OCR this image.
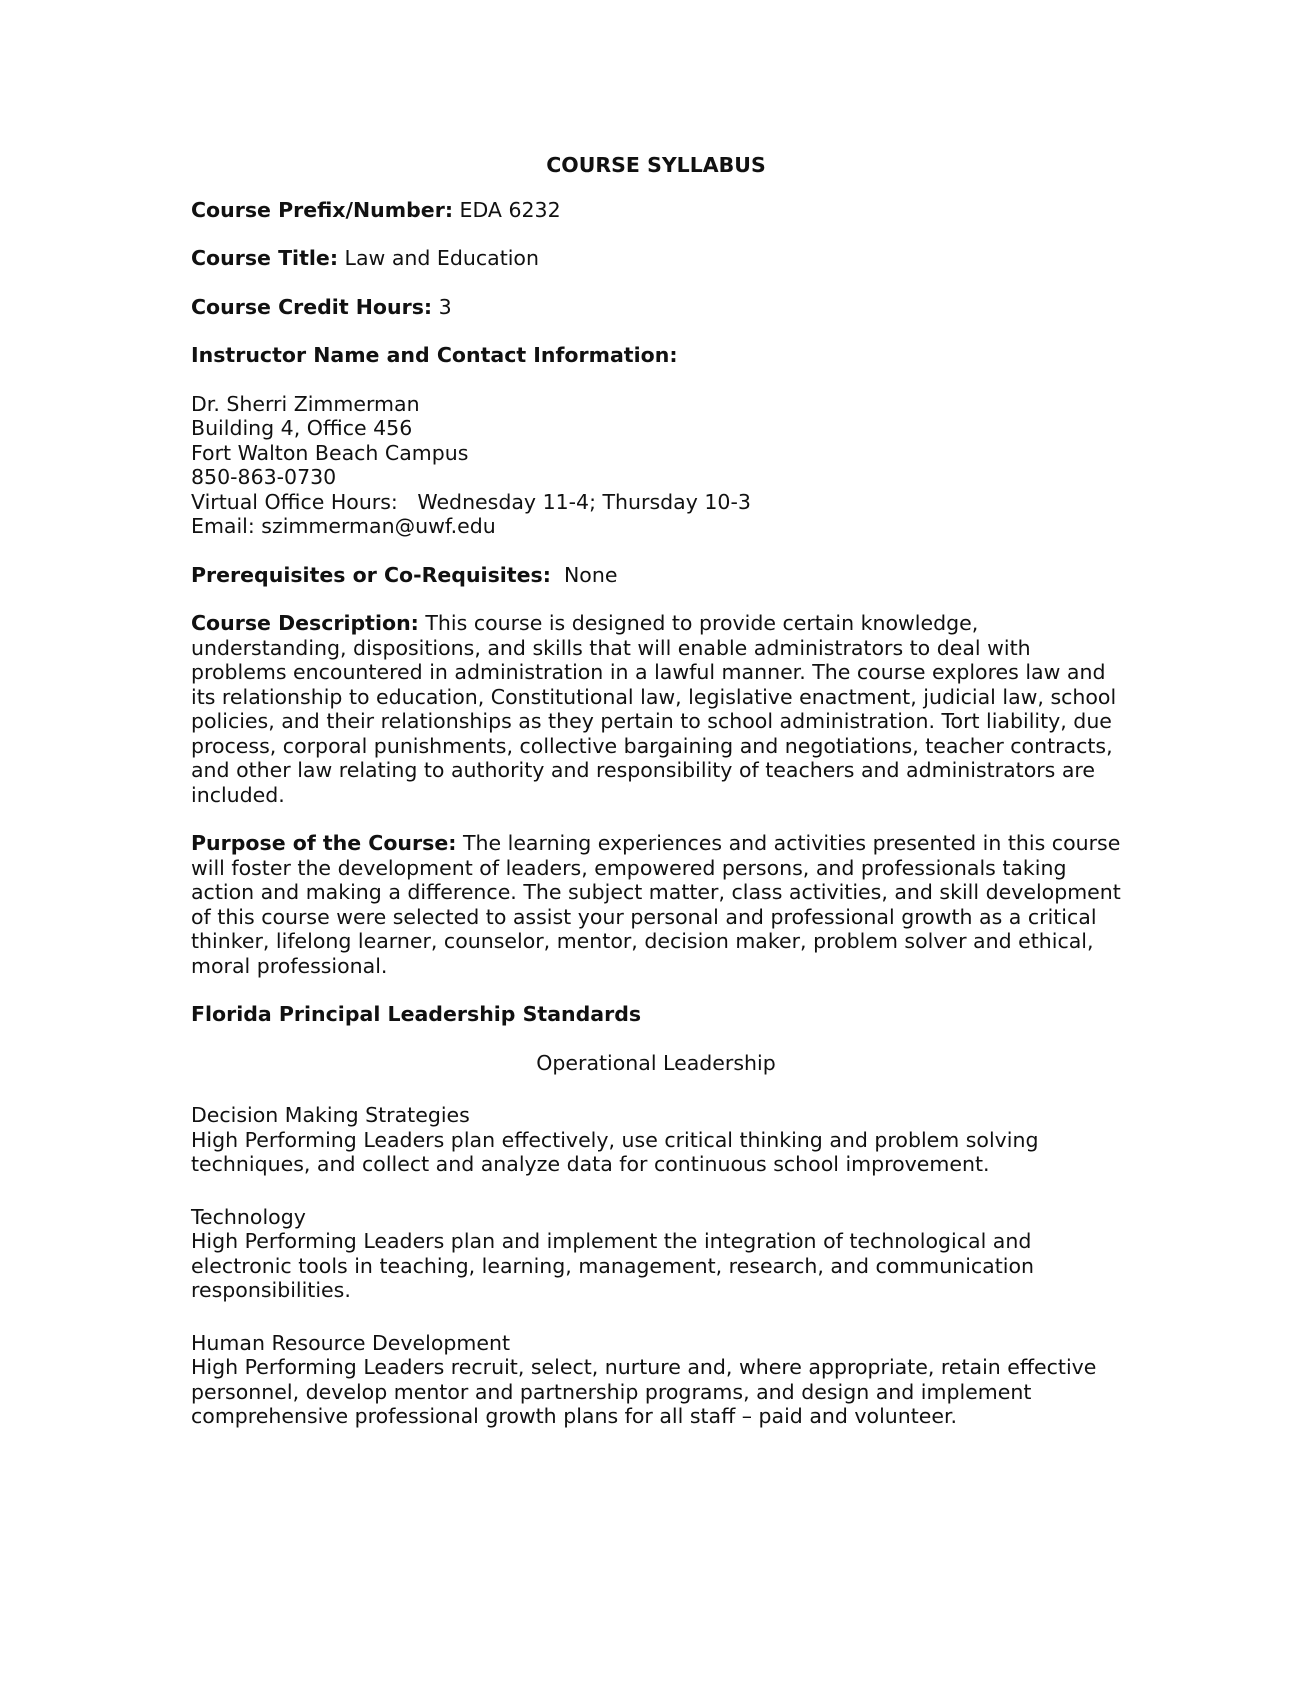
COURSE SYLLABUS

Course Prefix/Number: EDA 6232

Course Title: Law and Education

Course Credit Hours: 3

Instructor Name and Contact Information:

Dr. Sherri Zimmerman
Building 4, Office 456
Fort Walton Beach Campus
850-863-0730
Virtual Office Hours:   Wednesday 11-4; Thursday 10-3
Email: szimmerman@uwf.edu

Prerequisites or Co-Requisites: None

Course Description: This course is designed to provide certain knowledge, understanding, dispositions, and skills that will enable administrators to deal with problems encountered in administration in a lawful manner. The course explores law and its relationship to education, Constitutional law, legislative enactment, judicial law, school policies, and their relationships as they pertain to school administration. Tort liability, due process, corporal punishments, collective bargaining and negotiations, teacher contracts, and other law relating to authority and responsibility of teachers and administrators are included.

Purpose of the Course: The learning experiences and activities presented in this course will foster the development of leaders, empowered persons, and professionals taking action and making a difference. The subject matter, class activities, and skill development of this course were selected to assist your personal and professional growth as a critical thinker, lifelong learner, counselor, mentor, decision maker, problem solver and ethical, moral professional.

Florida Principal Leadership Standards

Operational Leadership

Decision Making Strategies
High Performing Leaders plan effectively, use critical thinking and problem solving techniques, and collect and analyze data for continuous school improvement.
Technology
High Performing Leaders plan and implement the integration of technological and electronic tools in teaching, learning, management, research, and communication responsibilities.
Human Resource Development
High Performing Leaders recruit, select, nurture and, where appropriate, retain effective personnel, develop mentor and partnership programs, and design and implement comprehensive professional growth plans for all staff – paid and volunteer.
